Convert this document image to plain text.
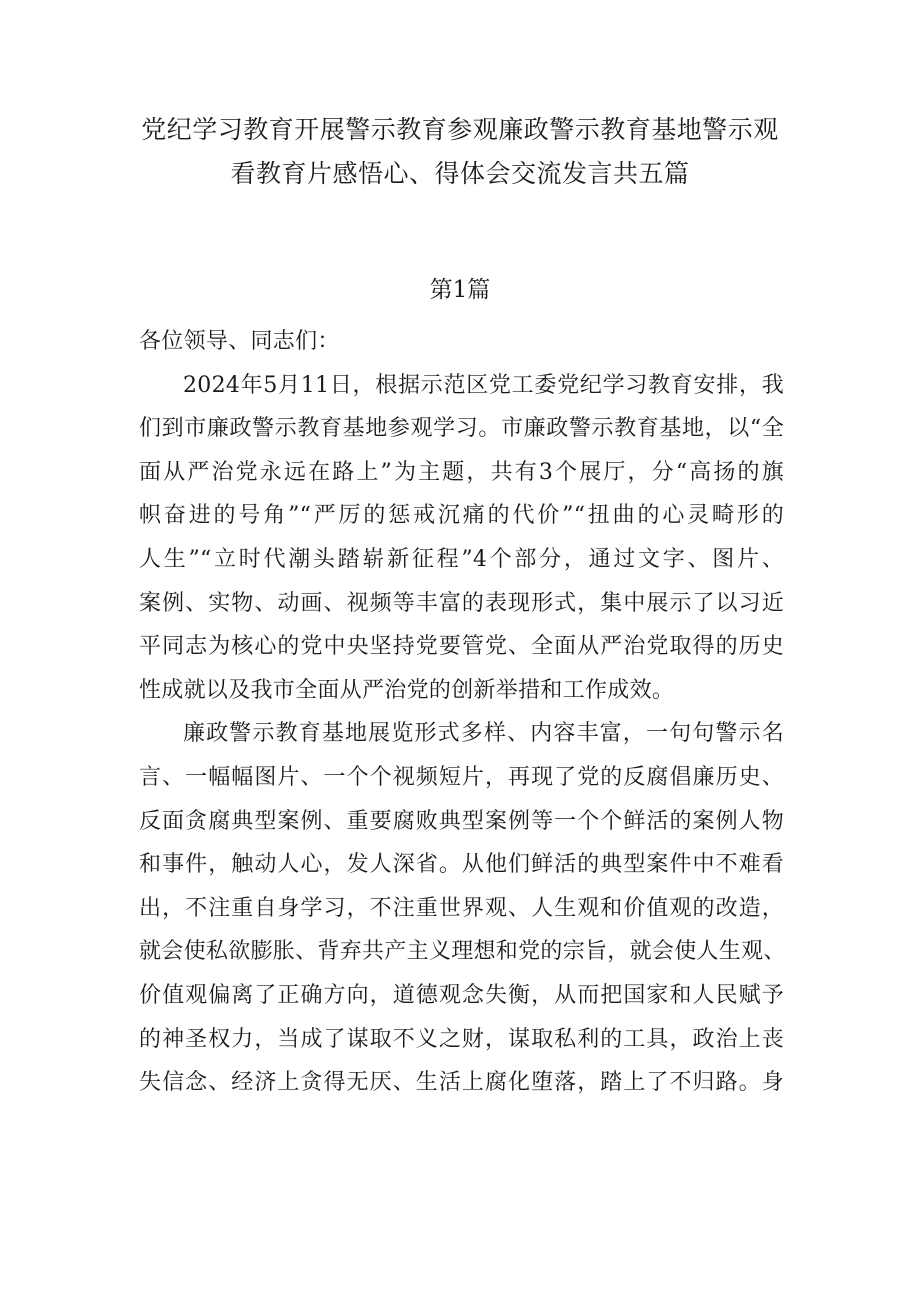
党纪学习教育开展警示教育参观廉政警示教育基地警示观
看教育片感悟心、得体会交流发言共五篇
第1篇
各位领导、同志们：
2024年5月11日，根据示范区党工委党纪学习教育安排，我
们到市廉政警示教育基地参观学习。市廉政警示教育基地，以“全
面从严治党永远在路上”为主题，共有3个展厅，分“高扬的旗
帜奋进的号角”“严厉的惩戒沉痛的代价”“扭曲的心灵畸形的
人生”“立时代潮头踏崭新征程”4个部分，通过文字、图片、
案例、实物、动画、视频等丰富的表现形式，集中展示了以习近
平同志为核心的党中央坚持党要管党、全面从严治党取得的历史
性成就以及我市全面从严治党的创新举措和工作成效。
廉政警示教育基地展览形式多样、内容丰富，一句句警示名
言、一幅幅图片、一个个视频短片，再现了党的反腐倡廉历史、
反面贪腐典型案例、重要腐败典型案例等一个个鲜活的案例人物
和事件，触动人心，发人深省。从他们鲜活的典型案件中不难看
出，不注重自身学习，不注重世界观、人生观和价值观的改造，
就会使私欲膨胀、背弃共产主义理想和党的宗旨，就会使人生观、
价值观偏离了正确方向，道德观念失衡，从而把国家和人民赋予
的神圣权力，当成了谋取不义之财，谋取私利的工具，政治上丧
失信念、经济上贪得无厌、生活上腐化堕落，踏上了不归路。身
